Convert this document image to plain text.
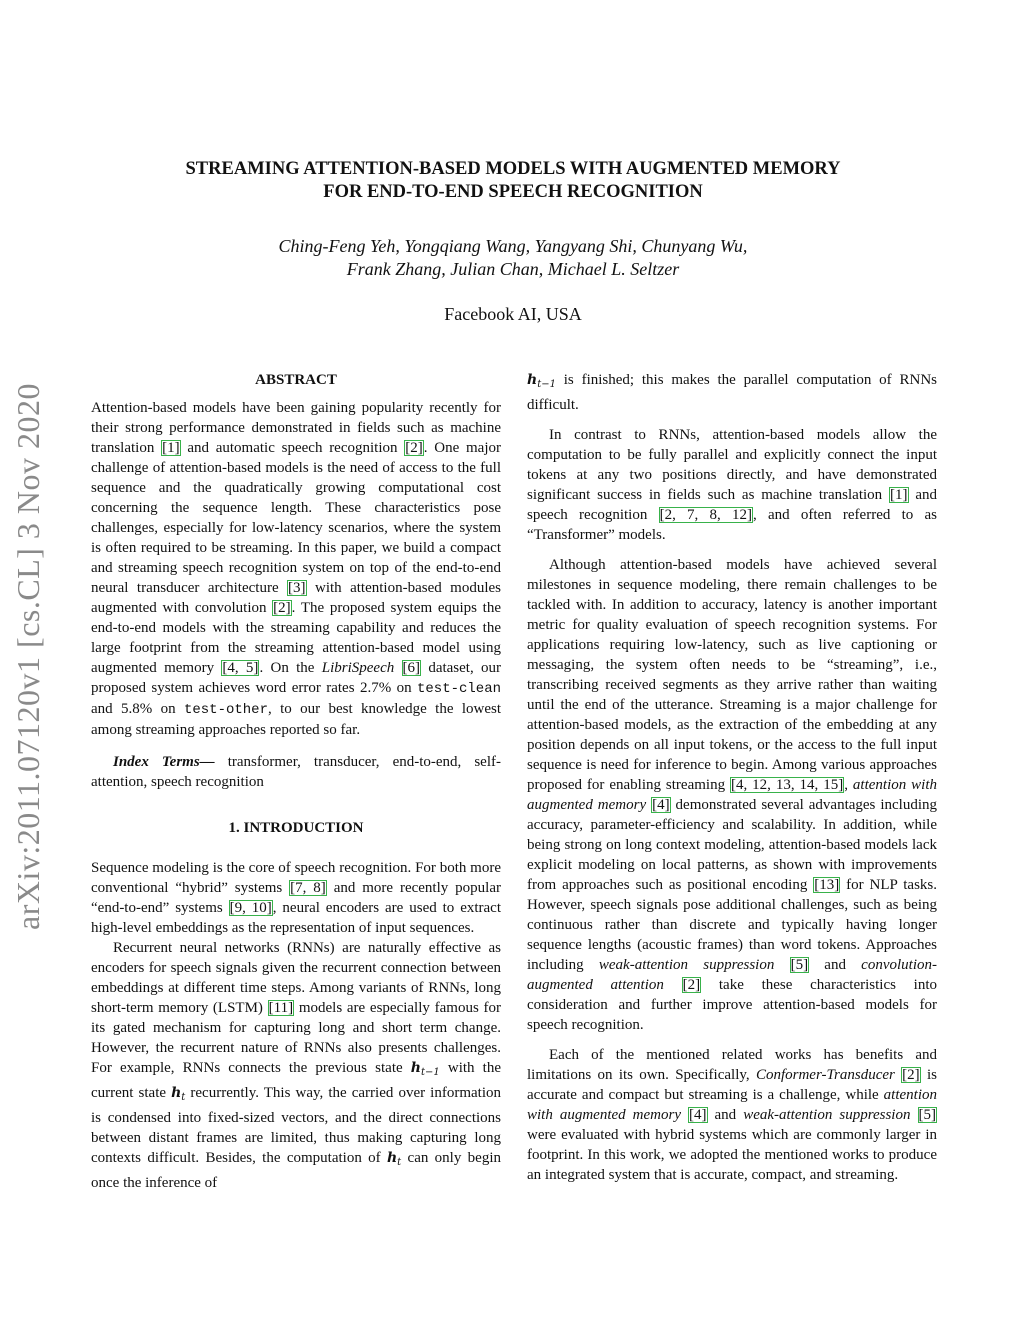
arXiv:2011.07120v1 [cs.CL] 3 Nov 2020
STREAMING ATTENTION-BASED MODELS WITH AUGMENTED MEMORY
FOR END-TO-END SPEECH RECOGNITION
Ching-Feng Yeh, Yongqiang Wang, Yangyang Shi, Chunyang Wu,
Frank Zhang, Julian Chan, Michael L. Seltzer
Facebook AI, USA

ABSTRACT

Attention-based models have been gaining popularity recently for their strong performance demonstrated in fields such as machine translation [1] and automatic speech recognition [2]. One major challenge of attention-based models is the need of access to the full sequence and the quadratically growing computational cost concerning the sequence length. These characteristics pose challenges, especially for low-latency scenarios, where the system is often required to be streaming. In this paper, we build a compact and streaming speech recognition system on top of the end-to-end neural transducer architecture [3] with attention-based modules augmented with convolution [2]. The proposed system equips the end-to-end models with the streaming capability and reduces the large footprint from the streaming attention-based model using augmented memory [4, 5]. On the LibriSpeech [6] dataset, our proposed system achieves word error rates 2.7% on test-clean and 5.8% on test-other, to our best knowledge the lowest among streaming approaches reported so far.

Index Terms— transformer, transducer, end-to-end, self-attention, speech recognition

1. INTRODUCTION

Sequence modeling is the core of speech recognition. For both more conventional “hybrid” systems [7, 8] and more recently popular “end-to-end” systems [9, 10], neural encoders are used to extract high-level embeddings as the representation of input sequences.

Recurrent neural networks (RNNs) are naturally effective as encoders for speech signals given the recurrent connection between embeddings at different time steps. Among variants of RNNs, long short-term memory (LSTM) [11] models are especially famous for its gated mechanism for capturing long and short term change. However, the recurrent nature of RNNs also presents challenges. For example, RNNs connects the previous state $h_{t-1}$ with the current state $h_t$ recurrently. This way, the carried over information is condensed into fixed-sized vectors, and the direct connections between distant frames are limited, thus making capturing long contexts difficult. Besides, the computation of $h_t$ can only begin once the inference of

$h_{t-1}$ is finished; this makes the parallel computation of RNNs difficult.

In contrast to RNNs, attention-based models allow the computation to be fully parallel and explicitly connect the input tokens at any two positions directly, and have demonstrated significant success in fields such as machine translation [1] and speech recognition [2, 7, 8, 12], and often referred to as “Transformer” models.

Although attention-based models have achieved several milestones in sequence modeling, there remain challenges to be tackled with. In addition to accuracy, latency is another important metric for quality evaluation of speech recognition systems. For applications requiring low-latency, such as live captioning or messaging, the system often needs to be “streaming”, i.e., transcribing received segments as they arrive rather than waiting until the end of the utterance. Streaming is a major challenge for attention-based models, as the extraction of the embedding at any position depends on all input tokens, or the access to the full input sequence is need for inference to begin. Among various approaches proposed for enabling streaming [4, 12, 13, 14, 15], attention with augmented memory [4] demonstrated several advantages including accuracy, parameter-efficiency and scalability. In addition, while being strong on long context modeling, attention-based models lack explicit modeling on local patterns, as shown with improvements from approaches such as positional encoding [13] for NLP tasks. However, speech signals pose additional challenges, such as being continuous rather than discrete and typically having longer sequence lengths (acoustic frames) than word tokens. Approaches including weak-attention suppression [5] and convolution-augmented attention [2] take these characteristics into consideration and further improve attention-based models for speech recognition.

Each of the mentioned related works has benefits and limitations on its own. Specifically, Conformer-Transducer [2] is accurate and compact but streaming is a challenge, while attention with augmented memory [4] and weak-attention suppression [5] were evaluated with hybrid systems which are commonly larger in footprint. In this work, we adopted the mentioned works to produce an integrated system that is accurate, compact, and streaming.
